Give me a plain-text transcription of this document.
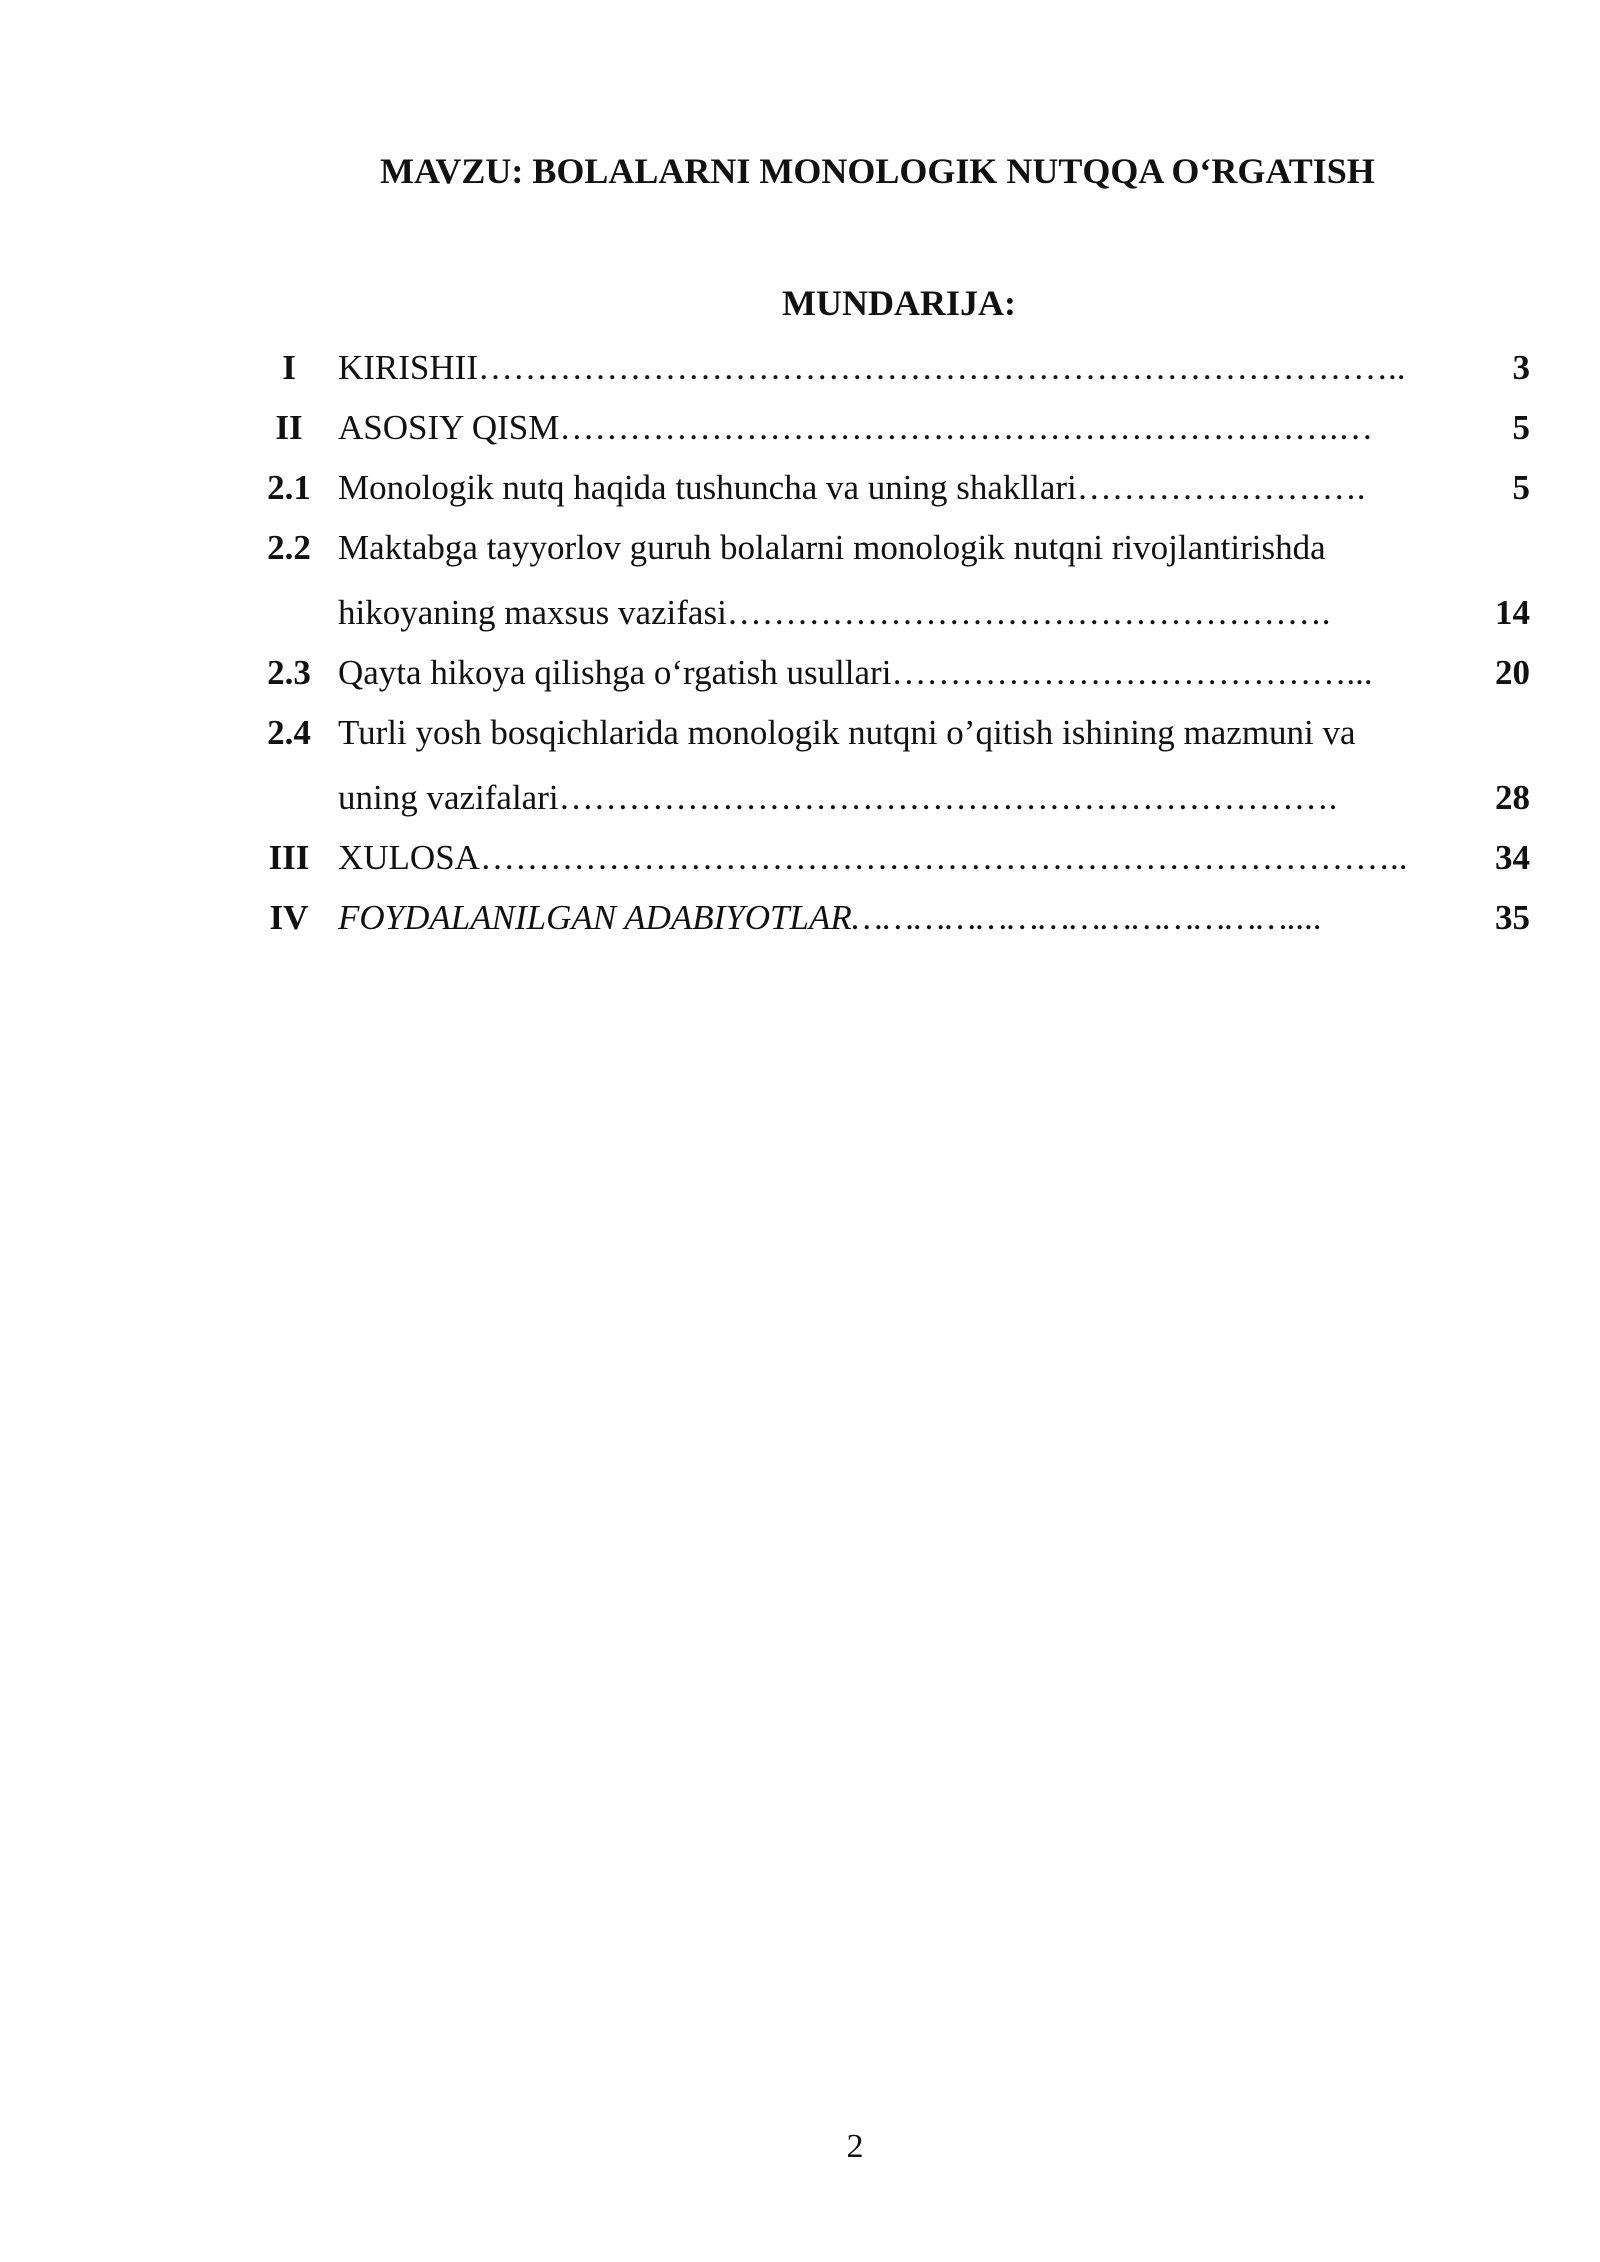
MAVZU: BOLALARNI MONOLOGIK NUTQQA O‘RGATISH
MUNDARIJA:
I	KIRISHII……………………………………………………………………..	3
II	ASOSIY QISM………………………………………………………….…	5
2.1 Monologik nutq haqida tushuncha va uning shakllari…………………….	5
2.2 Maktabga tayyorlov guruh bolalarni monologik nutqni rivojlantirishda
hikoyaning maxsus vazifasi…………………………………………….	14
2.3 Qayta hikoya qilishga o‘rgatish usullari…………………………………...	20
2.4 Turli yosh bosqichlarida monologik nutqni o’qitish ishining mazmuni va
uning vazifalari………………………………………………………….	28
III XULOSA……………………………………………………………………..	34
IV FOYDALANILGAN ADABIYOTLAR……………………………………....	35
2
